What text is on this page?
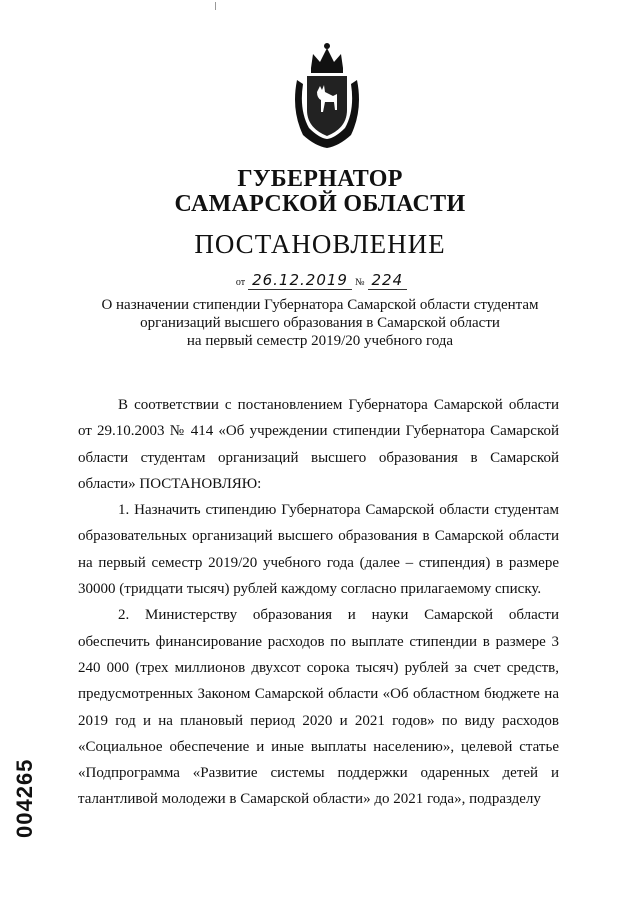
ГУБЕРНАТОР
САМАРСКОЙ ОБЛАСТИ
ПОСТАНОВЛЕНИЕ
от 26.12.2019 № 224
О назначении стипендии Губернатора Самарской области студентам
организаций высшего образования в Самарской области
на первый семестр 2019/20 учебного года

В соответствии с постановлением Губернатора Самарской области от 29.10.2003 № 414 «Об учреждении стипендии Губернатора Самарской области студентам организаций высшего образования в Самарской области» ПОСТАНОВЛЯЮ:

1. Назначить стипендию Губернатора Самарской области студентам образовательных организаций высшего образования в Самарской области на первый семестр 2019/20 учебного года (далее – стипендия) в размере 30000 (тридцати тысяч) рублей каждому согласно прилагаемому списку.

2. Министерству образования и науки Самарской области обеспечить финансирование расходов по выплате стипендии в размере 3 240 000 (трех миллионов двухсот сорока тысяч) рублей за счет средств, предусмотренных Законом Самарской области «Об областном бюджете на 2019 год и на плановый период 2020 и 2021 годов» по виду расходов «Социальное обеспечение и иные выплаты населению», целевой статье «Подпрограмма «Развитие системы поддержки одаренных детей и талантливой молодежи в Самарской области» до 2021 года», подразделу

004265
